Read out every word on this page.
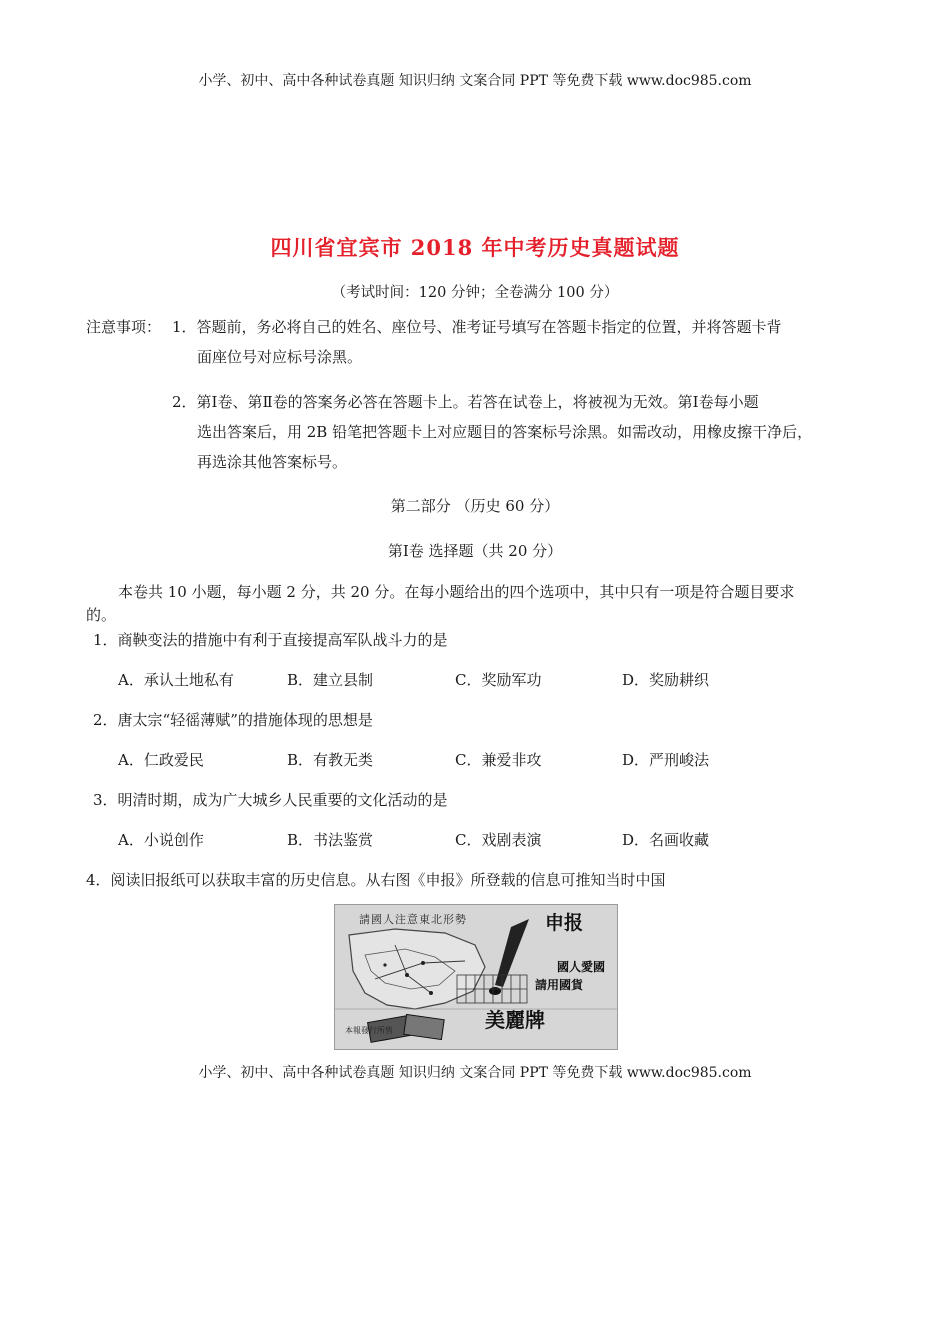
小学、初中、高中各种试卷真题 知识归纳 文案合同 PPT 等免费下载 www.doc985.com
四川省宜宾市 2018 年中考历史真题试题
（考试时间：120 分钟；全卷满分 100 分）
注意事项： 1．答题前，务必将自己的姓名、座位号、准考证号填写在答题卡指定的位置，并将答题卡背
面座位号对应标号涂黑。
2．第Ⅰ卷、第Ⅱ卷的答案务必答在答题卡上。若答在试卷上，将被视为无效。第Ⅰ卷每小题
选出答案后，用 2B 铅笔把答题卡上对应题目的答案标号涂黑。如需改动，用橡皮擦干净后，
再选涂其他答案标号。
第二部分 （历史 60 分）
第Ⅰ卷 选择题（共 20 分）
本卷共 10 小题，每小题 2 分，共 20 分。在每小题给出的四个选项中，其中只有一项是符合题目要求
的。
1．商鞅变法的措施中有利于直接提高军队战斗力的是
A．承认土地私有	B．建立县制	C．奖励军功	D．奖励耕织
2．唐太宗“轻徭薄赋”的措施体现的思想是
A．仁政爱民	B．有教无类	C．兼爱非攻	D．严刑峻法
3．明清时期，成为广大城乡人民重要的文化活动的是
A．小说创作	B．书法鉴赏	C．戏剧表演	D．名画收藏
4．阅读旧报纸可以获取丰富的历史信息。从右图《申报》所登载的信息可推知当时中国
請國人注意東北形勢	申报
國人愛國
請用國貨
美麗牌
本報發行所售
小学、初中、高中各种试卷真题 知识归纳 文案合同 PPT 等免费下载 www.doc985.com
